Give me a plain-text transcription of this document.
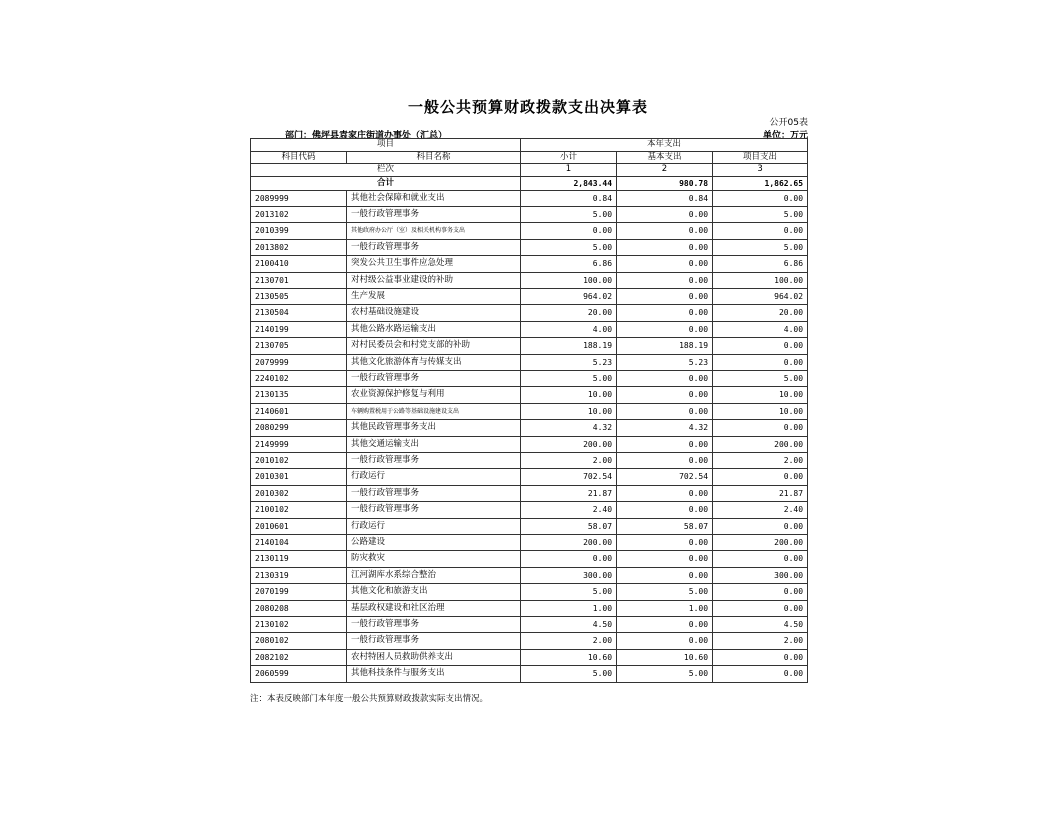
一般公共预算财政拨款支出决算表
公开05表
部门：佛坪县袁家庄街道办事处（汇总）	单位：万元
项目		本年支出		
科目代码	科目名称	小计	基本支出	项目支出
栏次		1	2	3
合计		2,843.44	980.78	1,862.65
2089999	其他社会保障和就业支出	0.84	0.84	0.00
2013102	一般行政管理事务	5.00	0.00	5.00
2010399	其他政府办公厅（室）及相关机构事务支出	0.00	0.00	0.00
2013802	一般行政管理事务	5.00	0.00	5.00
2100410	突发公共卫生事件应急处理	6.86	0.00	6.86
2130701	对村级公益事业建设的补助	100.00	0.00	100.00
2130505	生产发展	964.02	0.00	964.02
2130504	农村基础设施建设	20.00	0.00	20.00
2140199	其他公路水路运输支出	4.00	0.00	4.00
2130705	对村民委员会和村党支部的补助	188.19	188.19	0.00
2079999	其他文化旅游体育与传媒支出	5.23	5.23	0.00
2240102	一般行政管理事务	5.00	0.00	5.00
2130135	农业资源保护修复与利用	10.00	0.00	10.00
2140601	车辆购置税用于公路等基础设施建设支出	10.00	0.00	10.00
2080299	其他民政管理事务支出	4.32	4.32	0.00
2149999	其他交通运输支出	200.00	0.00	200.00
2010102	一般行政管理事务	2.00	0.00	2.00
2010301	行政运行	702.54	702.54	0.00
2010302	一般行政管理事务	21.87	0.00	21.87
2100102	一般行政管理事务	2.40	0.00	2.40
2010601	行政运行	58.07	58.07	0.00
2140104	公路建设	200.00	0.00	200.00
2130119	防灾救灾	0.00	0.00	0.00
2130319	江河湖库水系综合整治	300.00	0.00	300.00
2070199	其他文化和旅游支出	5.00	5.00	0.00
2080208	基层政权建设和社区治理	1.00	1.00	0.00
2130102	一般行政管理事务	4.50	0.00	4.50
2080102	一般行政管理事务	2.00	0.00	2.00
2082102	农村特困人员救助供养支出	10.60	10.60	0.00
2060599	其他科技条件与服务支出	5.00	5.00	0.00
注：本表反映部门本年度一般公共预算财政拨款实际支出情况。
